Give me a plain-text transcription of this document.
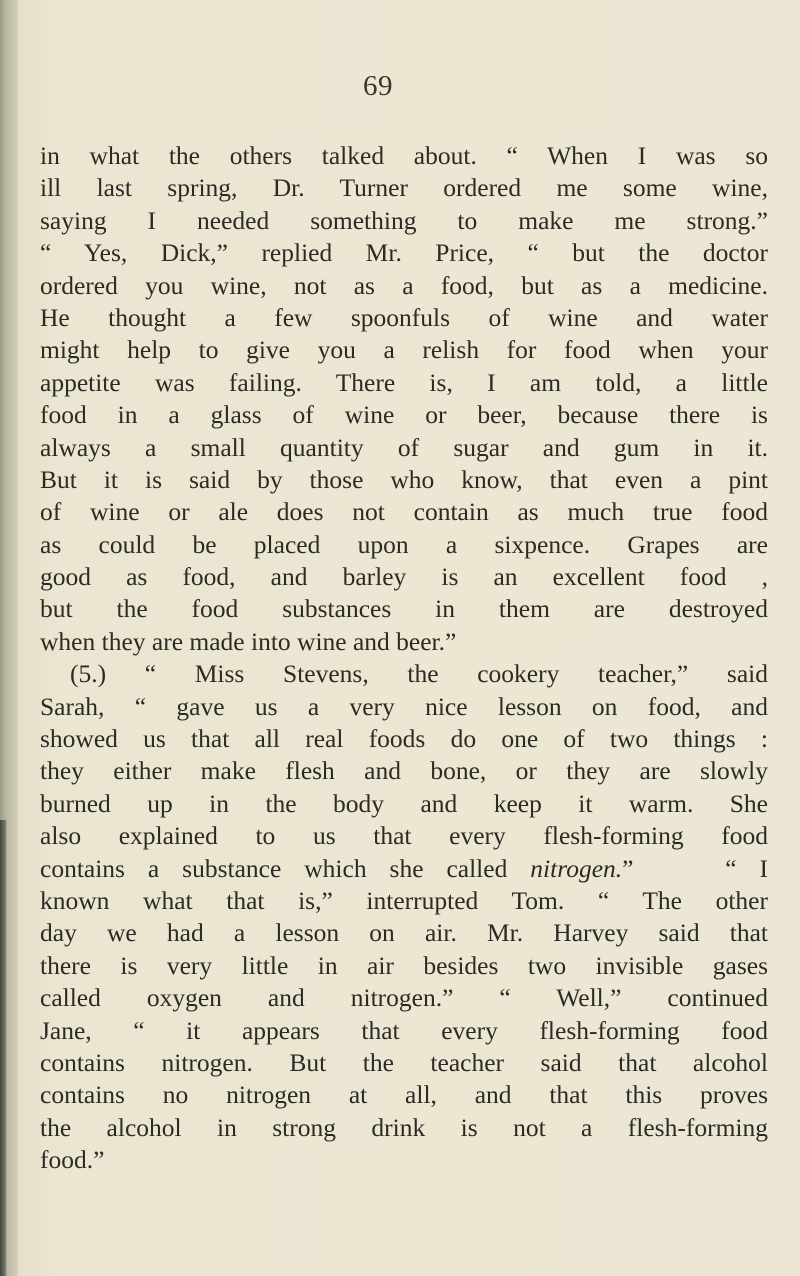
69
in what the others talked about. “ When I was so
ill last spring, Dr. Turner ordered me some wine,
saying I needed something to make me strong.”
“ Yes, Dick,” replied Mr. Price, “ but the doctor
ordered you wine, not as a food, but as a medicine.
He thought a few spoonfuls of wine and water
might help to give you a relish for food when your
appetite was failing. There is, I am told, a little
food in a glass of wine or beer, because there is
always a small quantity of sugar and gum in it.
But it is said by those who know, that even a pint
of wine or ale does not contain as much true food
as could be placed upon a sixpence. Grapes are
good as food, and barley is an excellent food ,
but the food substances in them are destroyed
when they are made into wine and beer.”
(5.) “ Miss Stevens, the cookery teacher,” said
Sarah, “ gave us a very nice lesson on food, and
showed us that all real foods do one of two things :
they either make flesh and bone, or they are slowly
burned up in the body and keep it warm. She
also explained to us that every flesh-forming food
contains a substance which she called nitrogen.”	“ I
known what that is,” interrupted Tom. “ The other
day we had a lesson on air. Mr. Harvey said that
there is very little in air besides two invisible gases
called oxygen and nitrogen.” “ Well,” continued
Jane, “ it appears that every flesh-forming food
contains nitrogen. But the teacher said that alcohol
contains no nitrogen at all, and that this proves
the alcohol in strong drink is not a flesh-forming
food.”
